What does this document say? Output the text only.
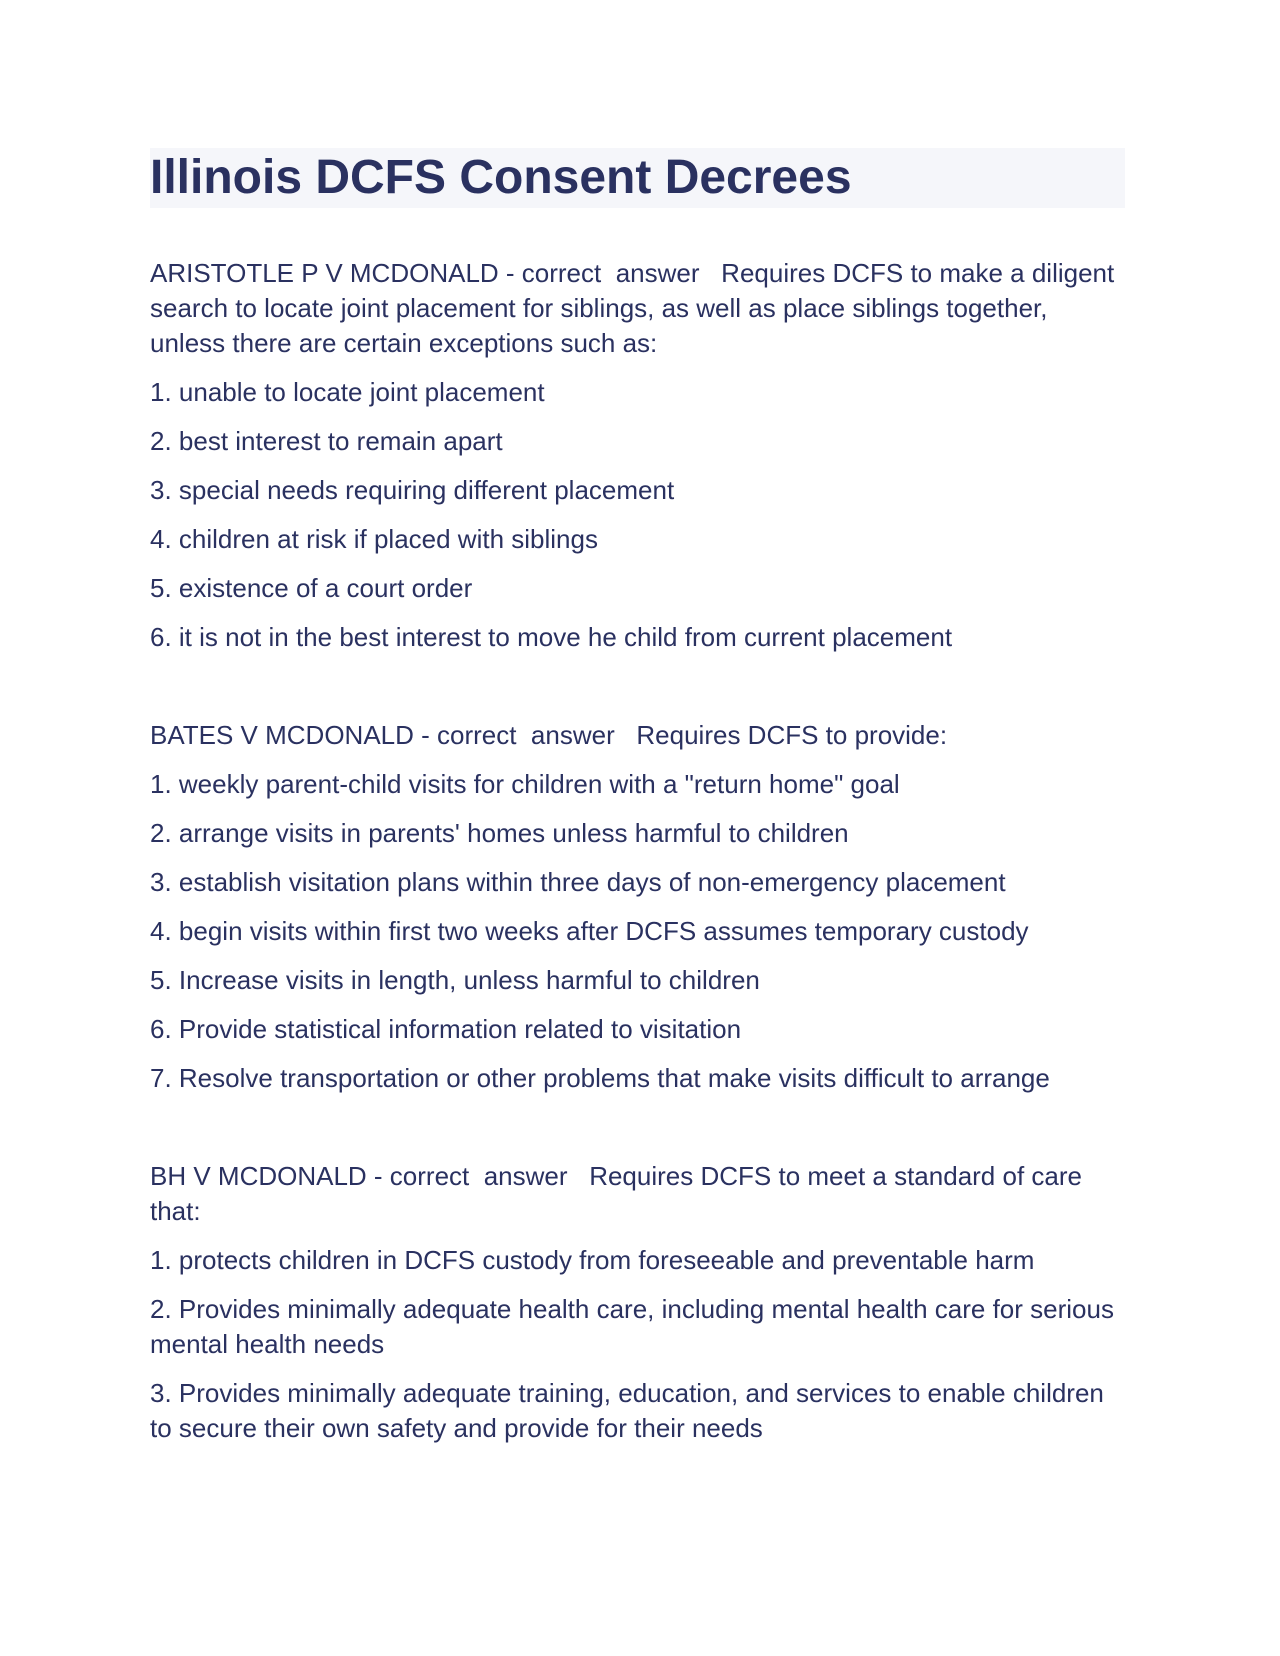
Illinois DCFS Consent Decrees

ARISTOTLE P V MCDONALD - correct  answer   Requires DCFS to make a diligent search to locate joint placement for siblings, as well as place siblings together, unless there are certain exceptions such as:

1. unable to locate joint placement

2. best interest to remain apart

3. special needs requiring different placement

4. children at risk if placed with siblings

5. existence of a court order

6. it is not in the best interest to move he child from current placement

BATES V MCDONALD - correct  answer   Requires DCFS to provide:

1. weekly parent-child visits for children with a "return home" goal

2. arrange visits in parents' homes unless harmful to children

3. establish visitation plans within three days of non-emergency placement

4. begin visits within first two weeks after DCFS assumes temporary custody

5. Increase visits in length, unless harmful to children

6. Provide statistical information related to visitation

7. Resolve transportation or other problems that make visits difficult to arrange

BH V MCDONALD - correct  answer   Requires DCFS to meet a standard of care that:

1. protects children in DCFS custody from foreseeable and preventable harm

2. Provides minimally adequate health care, including mental health care for serious mental health needs

3. Provides minimally adequate training, education, and services to enable children to secure their own safety and provide for their needs
